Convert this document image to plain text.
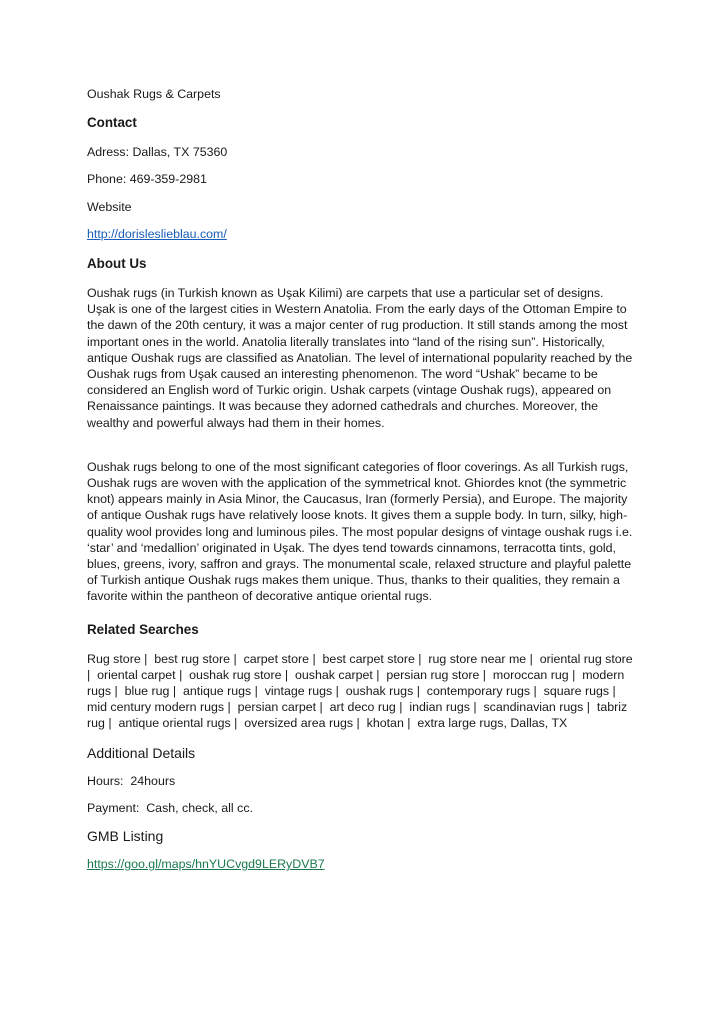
Oushak Rugs & Carpets

Contact

Adress: Dallas, TX 75360

Phone: 469-359-2981

Website

http://dorisleslieblau.com/

About Us

Oushak rugs (in Turkish known as Uşak Kilimi) are carpets that use a particular set of designs. Uşak is one of the largest cities in Western Anatolia. From the early days of the Ottoman Empire to the dawn of the 20th century, it was a major center of rug production. It still stands among the most important ones in the world. Anatolia literally translates into “land of the rising sun”. Historically, antique Oushak rugs are classified as Anatolian. The level of international popularity reached by the Oushak rugs from Uşak caused an interesting phenomenon. The word “Ushak” became to be considered an English word of Turkic origin. Ushak carpets (vintage Oushak rugs), appeared on Renaissance paintings. It was because they adorned cathedrals and churches. Moreover, the wealthy and powerful always had them in their homes.

Oushak rugs belong to one of the most significant categories of floor coverings. As all Turkish rugs, Oushak rugs are woven with the application of the symmetrical knot. Ghiordes knot (the symmetric knot) appears mainly in Asia Minor, the Caucasus, Iran (formerly Persia), and Europe. The majority of antique Oushak rugs have relatively loose knots. It gives them a supple body. In turn, silky, high-quality wool provides long and luminous piles. The most popular designs of vintage oushak rugs i.e. ‘star’ and ‘medallion’ originated in Uşak. The dyes tend towards cinnamons, terracotta tints, gold, blues, greens, ivory, saffron and grays. The monumental scale, relaxed structure and playful palette of Turkish antique Oushak rugs makes them unique. Thus, thanks to their qualities, they remain a favorite within the pantheon of decorative antique oriental rugs.

Related Searches

Rug store |  best rug store |  carpet store |  best carpet store |  rug store near me |  oriental rug store |  oriental carpet |  oushak rug store |  oushak carpet |  persian rug store |  moroccan rug |  modern rugs |  blue rug |  antique rugs |  vintage rugs |  oushak rugs |  contemporary rugs |  square rugs |  mid century modern rugs |  persian carpet |  art deco rug |  indian rugs |  scandinavian rugs |  tabriz rug |  antique oriental rugs |  oversized area rugs |  khotan |  extra large rugs, Dallas, TX

Additional Details

Hours:  24hours

Payment:  Cash, check, all cc.

GMB Listing

https://goo.gl/maps/hnYUCvgd9LERyDVB7
